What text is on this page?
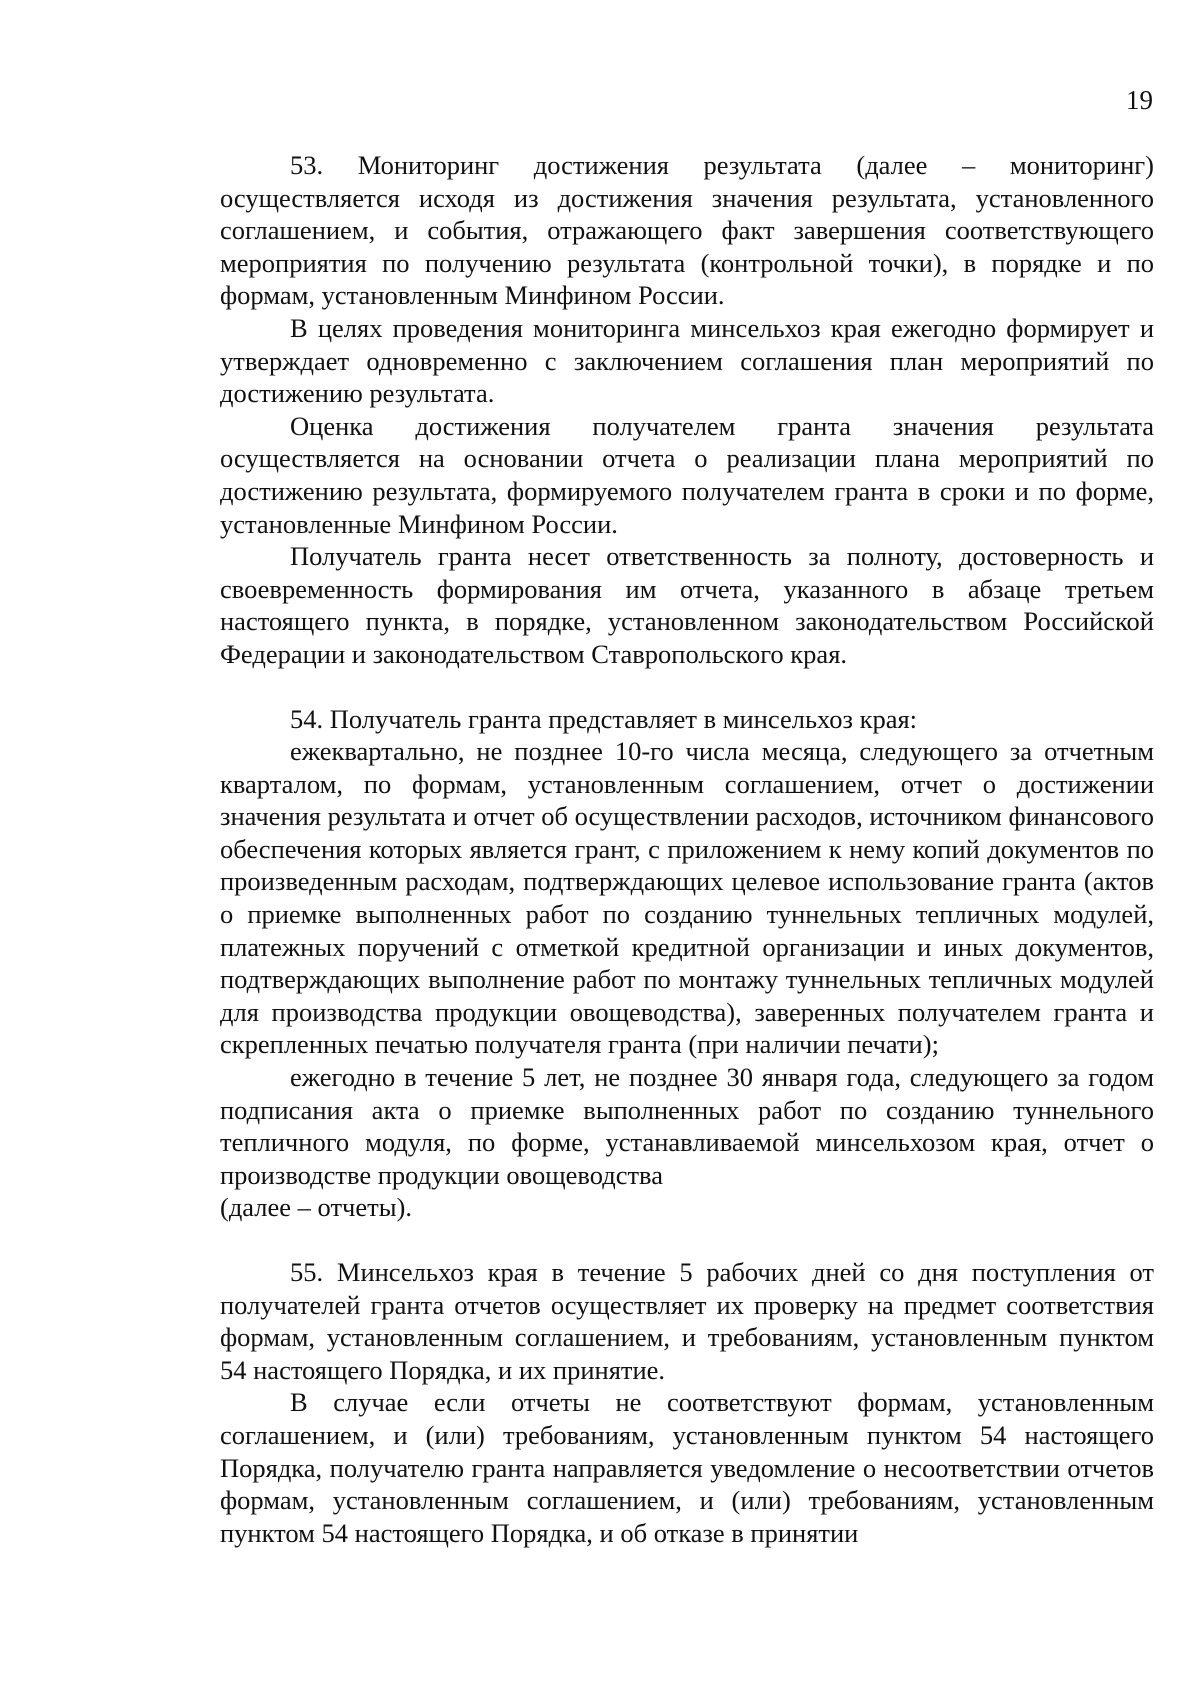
19

53. Мониторинг достижения результата (далее – мониторинг) осуществляется исходя из достижения значения результата, установленного соглашением, и события, отражающего факт завершения соответствующего мероприятия по получению результата (контрольной точки), в порядке и по формам, установленным Минфином России.

В целях проведения мониторинга минсельхоз края ежегодно формирует и утверждает одновременно с заключением соглашения план мероприятий по достижению результата.

Оценка достижения получателем гранта значения результата осуществляется на основании отчета о реализации плана мероприятий по достижению результата, формируемого получателем гранта в сроки и по форме, установленные Минфином России.

Получатель гранта несет ответственность за полноту, достоверность и своевременность формирования им отчета, указанного в абзаце третьем настоящего пункта, в порядке, установленном законодательством Российской Федерации и законодательством Ставропольского края.

54. Получатель гранта представляет в минсельхоз края:

ежеквартально, не позднее 10-го числа месяца, следующего за отчетным кварталом, по формам, установленным соглашением, отчет о достижении значения результата и отчет об осуществлении расходов, источником финансового обеспечения которых является грант, с приложением к нему копий документов по произведенным расходам, подтверждающих целевое использование гранта (актов о приемке выполненных работ по созданию туннельных тепличных модулей, платежных поручений с отметкой кредитной организации и иных документов, подтверждающих выполнение работ по монтажу туннельных тепличных модулей для производства продукции овощеводства), заверенных получателем гранта и скрепленных печатью получателя гранта (при наличии печати);

ежегодно в течение 5 лет, не позднее 30 января года, следующего за годом подписания акта о приемке выполненных работ по созданию туннельного тепличного модуля, по форме, устанавливаемой минсельхозом края, отчет о производстве продукции овощеводства

(далее – отчеты).

55. Минсельхоз края в течение 5 рабочих дней со дня поступления от получателей гранта отчетов осуществляет их проверку на предмет соответствия формам, установленным соглашением, и требованиям, установленным пунктом 54 настоящего Порядка, и их принятие.

В случае если отчеты не соответствуют формам, установленным соглашением, и (или) требованиям, установленным пунктом 54 настоящего Порядка, получателю гранта направляется уведомление о несоответствии отчетов формам, установленным соглашением, и (или) требованиям, установленным пунктом 54 настоящего Порядка, и об отказе в принятии
